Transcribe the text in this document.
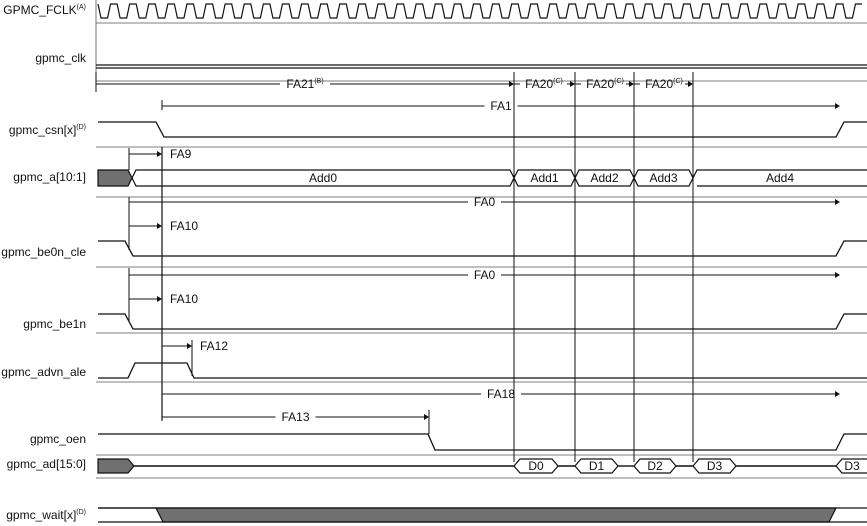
$GPMC\_FCLK^{(A)}$
gpmc_clk
$gpmc\_csn[x]^{(D)}$
gpmc_a[10:1]
gpmc_be0n_cle
gpmc_be1n
gpmc_advn_ale
gpmc_oen
gpmc_ad[15:0]
$gpmc\_wait[x]^{(D)}$
$FA21^{(B)}$	$FA20^{(C)}$ $FA20^{(C)}$ $FA20^{(C)}$
FA1
FA9
Add0	Add1	Add2	Add3	Add4
FA0
FA10
FA0
FA10
FA12
FA18
FA13
D0	D1	D2	D3	D3
